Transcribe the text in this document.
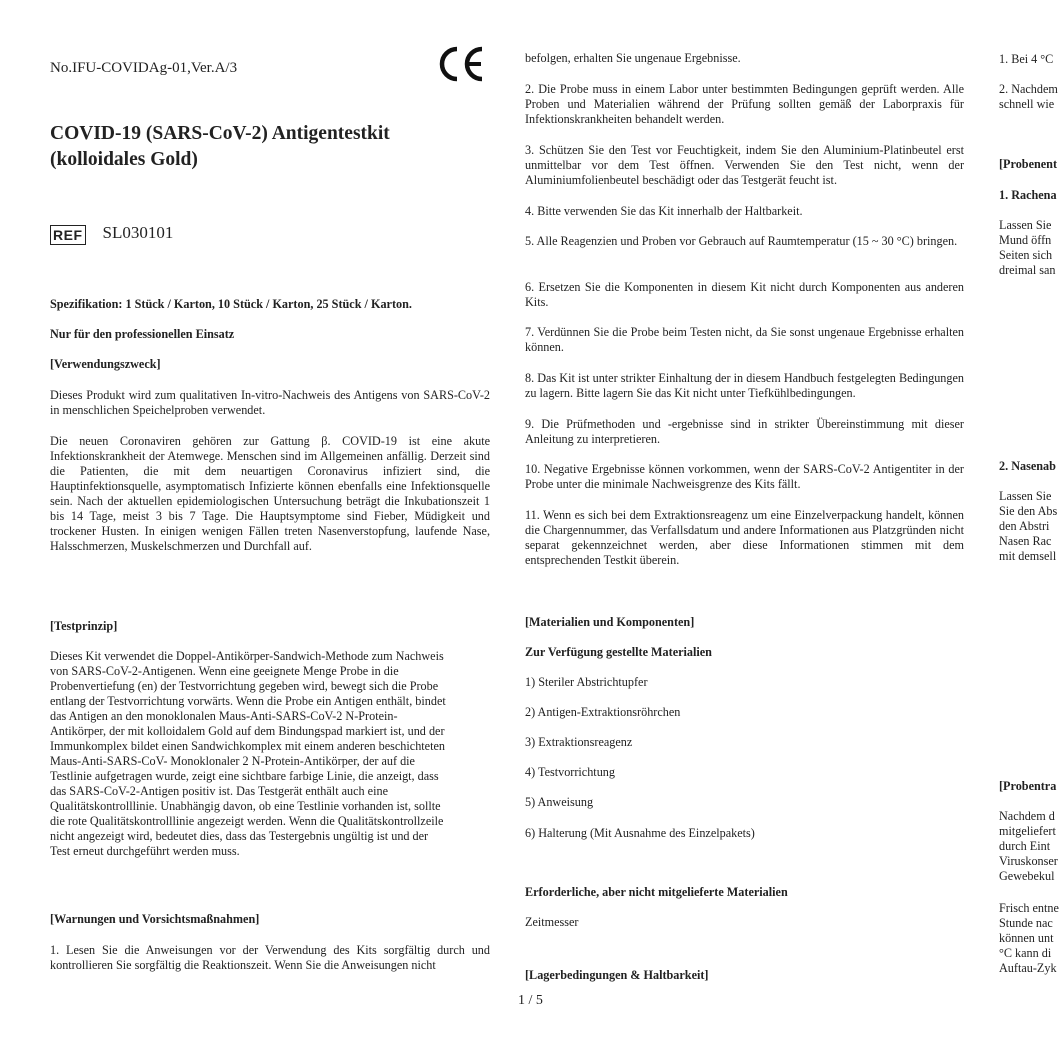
No.IFU-COVIDAg-01,Ver.A/3
COVID-19 (SARS-CoV-2) Antigentestkit
(kolloidales Gold)
REF SL030101

Spezifikation: 1 Stück / Karton, 10 Stück / Karton, 25 Stück / Karton.

Nur für den professionellen Einsatz

[Verwendungszweck]

Dieses Produkt wird zum qualitativen In-vitro-Nachweis des Antigens von SARS-CoV-2 in menschlichen Speichelproben verwendet.

Die neuen Coronaviren gehören zur Gattung β. COVID-19 ist eine akute Infektionskrankheit der Atemwege. Menschen sind im Allgemeinen anfällig. Derzeit sind die Patienten, die mit dem neuartigen Coronavirus infiziert sind, die Hauptinfektionsquelle, asymptomatisch Infizierte können ebenfalls eine Infektionsquelle sein. Nach der aktuellen epidemiologischen Untersuchung beträgt die Inkubationszeit 1 bis 14 Tage, meist 3 bis 7 Tage. Die Hauptsymptome sind Fieber, Müdigkeit und trockener Husten. In einigen wenigen Fällen treten Nasenverstopfung, laufende Nase, Halsschmerzen, Muskelschmerzen und Durchfall auf.

[Testprinzip]

Dieses Kit verwendet die Doppel-Antikörper-Sandwich-Methode zum Nachweis

von SARS-CoV-2-Antigenen. Wenn eine geeignete Menge Probe in die

Probenvertiefung (en) der Testvorrichtung gegeben wird, bewegt sich die Probe

entlang der Testvorrichtung vorwärts. Wenn die Probe ein Antigen enthält, bindet

das Antigen an den monoklonalen Maus-Anti-SARS-CoV-2 N-Protein-

Antikörper, der mit kolloidalem Gold auf dem Bindungspad markiert ist, und der

Immunkomplex bildet einen Sandwichkomplex mit einem anderen beschichteten

Maus-Anti-SARS-CoV- Monoklonaler 2 N-Protein-Antikörper, der auf die

Testlinie aufgetragen wurde, zeigt eine sichtbare farbige Linie, die anzeigt, dass

das SARS-CoV-2-Antigen positiv ist. Das Testgerät enthält auch eine

Qualitätskontrolllinie. Unabhängig davon, ob eine Testlinie vorhanden ist, sollte

die rote Qualitätskontrolllinie angezeigt werden. Wenn die Qualitätskontrollzeile

nicht angezeigt wird, bedeutet dies, dass das Testergebnis ungültig ist und der

Test erneut durchgeführt werden muss.

[Warnungen und Vorsichtsmaßnahmen]

1. Lesen Sie die Anweisungen vor der Verwendung des Kits sorgfältig durch und kontrollieren Sie sorgfältig die Reaktionszeit. Wenn Sie die Anweisungen nicht

befolgen, erhalten Sie ungenaue Ergebnisse.

2. Die Probe muss in einem Labor unter bestimmten Bedingungen geprüft werden. Alle Proben und Materialien während der Prüfung sollten gemäß der Laborpraxis für Infektionskrankheiten behandelt werden.

3. Schützen Sie den Test vor Feuchtigkeit, indem Sie den Aluminium-Platinbeutel erst unmittelbar vor dem Test öffnen. Verwenden Sie den Test nicht, wenn der Aluminiumfolienbeutel beschädigt oder das Testgerät feucht ist.

4. Bitte verwenden Sie das Kit innerhalb der Haltbarkeit.

5. Alle Reagenzien und Proben vor Gebrauch auf Raumtemperatur (15 ~ 30 °C) bringen.

6. Ersetzen Sie die Komponenten in diesem Kit nicht durch Komponenten aus anderen Kits.

7. Verdünnen Sie die Probe beim Testen nicht, da Sie sonst ungenaue Ergebnisse erhalten können.

8. Das Kit ist unter strikter Einhaltung der in diesem Handbuch festgelegten Bedingungen zu lagern. Bitte lagern Sie das Kit nicht unter Tiefkühlbedingungen.

9. Die Prüfmethoden und -ergebnisse sind in strikter Übereinstimmung mit dieser Anleitung zu interpretieren.

10. Negative Ergebnisse können vorkommen, wenn der SARS-CoV-2 Antigentiter in der Probe unter die minimale Nachweisgrenze des Kits fällt.

11. Wenn es sich bei dem Extraktionsreagenz um eine Einzelverpackung handelt, können die Chargennummer, das Verfallsdatum und andere Informationen aus Platzgründen nicht separat gekennzeichnet werden, aber diese Informationen stimmen mit dem entsprechenden Testkit überein.

[Materialien und Komponenten]

Zur Verfügung gestellte Materialien

1) Steriler Abstrichtupfer

2) Antigen-Extraktionsröhrchen

3) Extraktionsreagenz

4) Testvorrichtung

5) Anweisung

6) Halterung (Mit Ausnahme des Einzelpakets)

Erforderliche, aber nicht mitgelieferte Materialien

Zeitmesser

[Lagerbedingungen & Haltbarkeit]

1. Bei 4 °C

2. Nachdem

schnell wie

[Probenent

1. Rachena

Lassen Sie

Mund öffn

Seiten sich

dreimal san

2. Nasenab

Lassen Sie

Sie den Abs

den Abstri

Nasen Rac

mit demsell

[Probentra

Nachdem d

mitgeliefert

durch Eint

Viruskonser

Gewebekul

Frisch entne

Stunde nac

können unt

°C kann di

Auftau-Zyk

1 / 5
